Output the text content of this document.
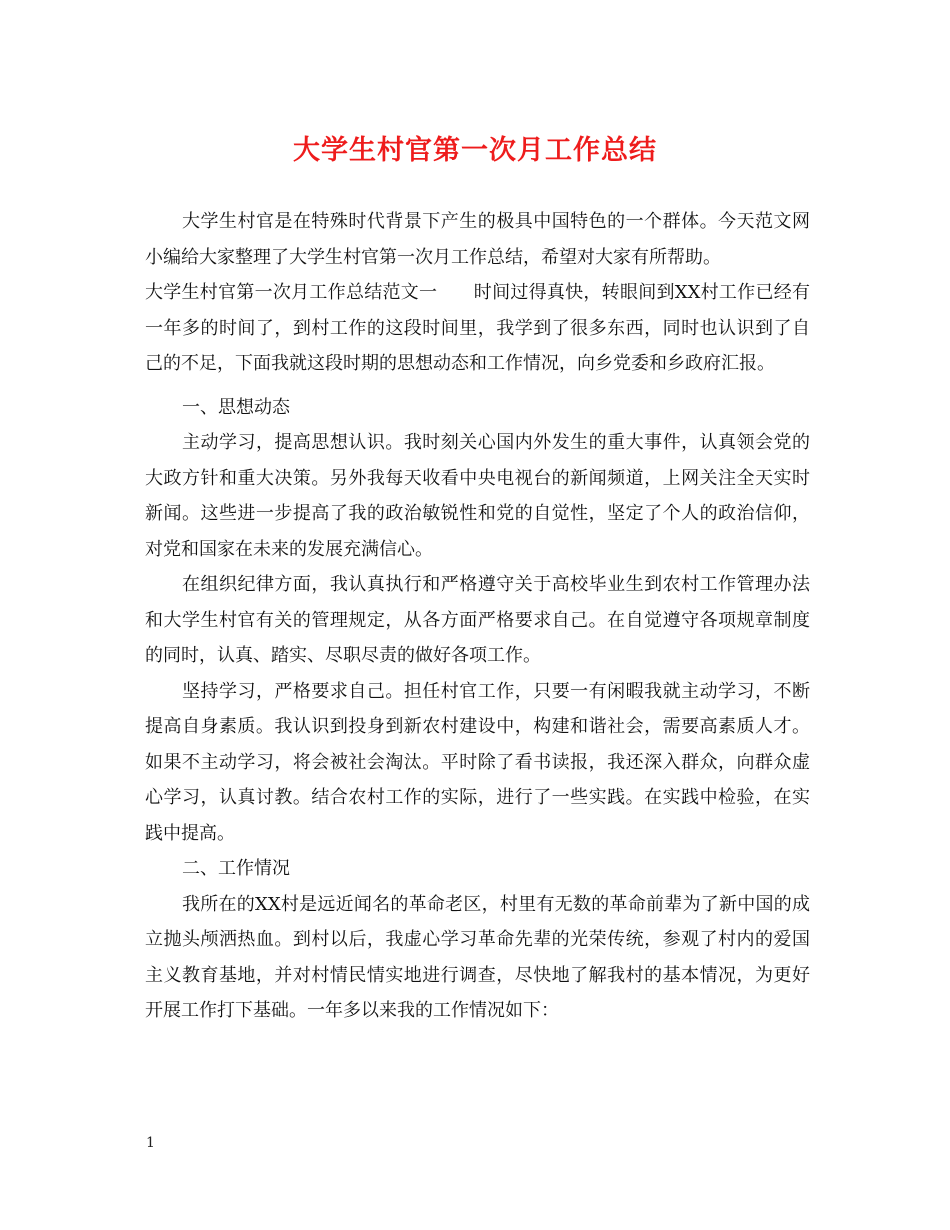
大学生村官第一次月工作总结

大学生村官是在特殊时代背景下产生的极具中国特色的一个群体。今天范文网小编给大家整理了大学生村官第一次月工作总结，希望对大家有所帮助。

大学生村官第一次月工作总结范文一　　时间过得真快，转眼间到XX村工作已经有一年多的时间了，到村工作的这段时间里，我学到了很多东西，同时也认识到了自己的不足，下面我就这段时期的思想动态和工作情况，向乡党委和乡政府汇报。

一、思想动态

主动学习，提高思想认识。我时刻关心国内外发生的重大事件，认真领会党的大政方针和重大决策。另外我每天收看中央电视台的新闻频道，上网关注全天实时新闻。这些进一步提高了我的政治敏锐性和党的自觉性，坚定了个人的政治信仰，对党和国家在未来的发展充满信心。

在组织纪律方面，我认真执行和严格遵守关于高校毕业生到农村工作管理办法和大学生村官有关的管理规定，从各方面严格要求自己。在自觉遵守各项规章制度的同时，认真、踏实、尽职尽责的做好各项工作。

坚持学习，严格要求自己。担任村官工作，只要一有闲暇我就主动学习，不断提高自身素质。我认识到投身到新农村建设中，构建和谐社会，需要高素质人才。如果不主动学习，将会被社会淘汰。平时除了看书读报，我还深入群众，向群众虚心学习，认真讨教。结合农村工作的实际，进行了一些实践。在实践中检验，在实践中提高。

二、工作情况

我所在的XX村是远近闻名的革命老区，村里有无数的革命前辈为了新中国的成立抛头颅洒热血。到村以后，我虚心学习革命先辈的光荣传统，参观了村内的爱国主义教育基地，并对村情民情实地进行调查，尽快地了解我村的基本情况，为更好开展工作打下基础。一年多以来我的工作情况如下：

1
